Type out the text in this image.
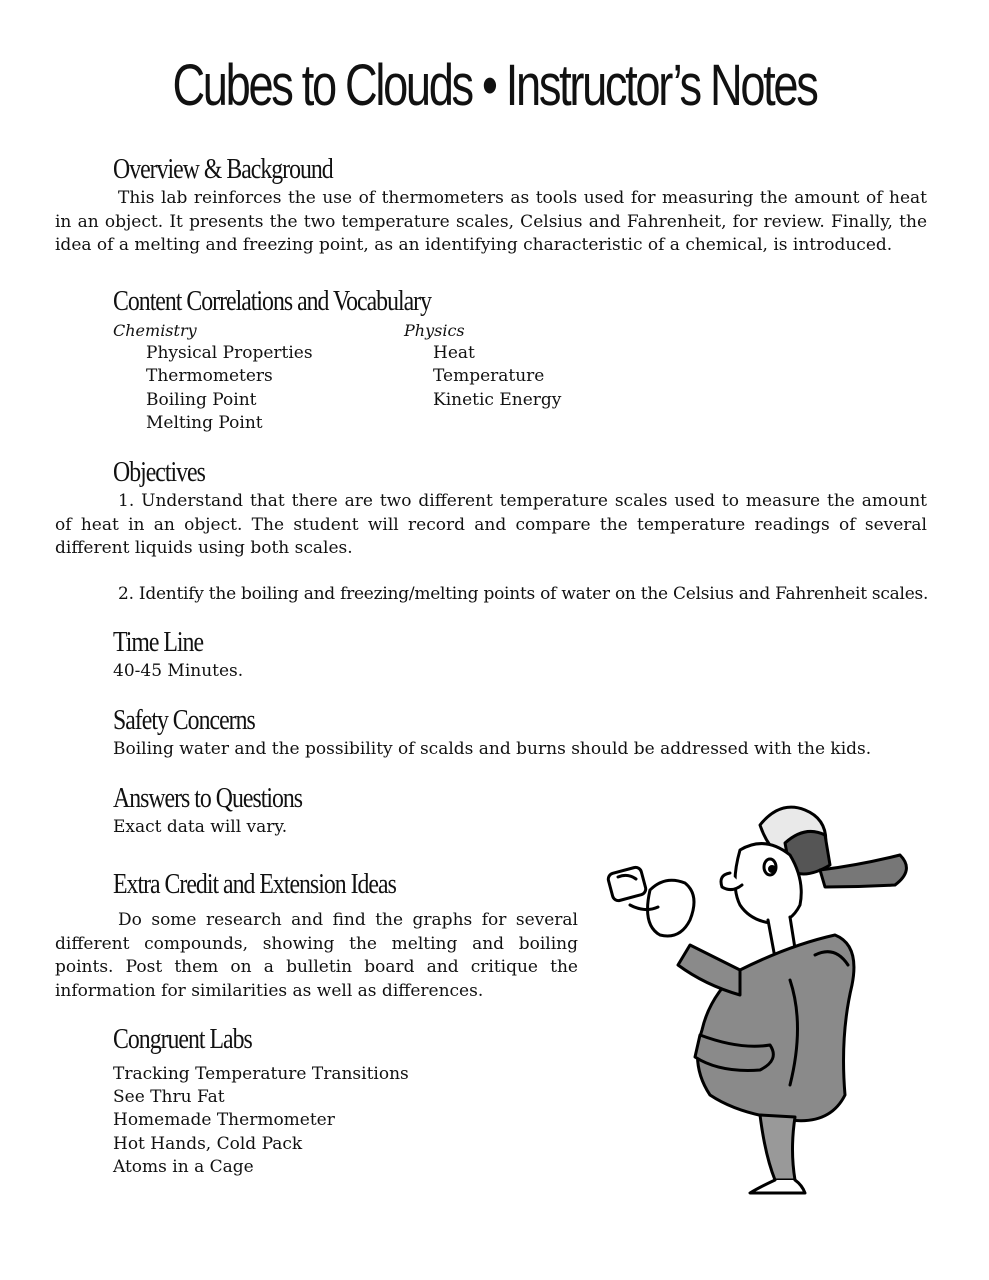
Cubes to Clouds • Instructor’s Notes
Overview & Background
This lab reinforces the use of thermometers as tools used for measuring the amount of heat in an object. It presents the two temperature scales, Celsius and Fahrenheit, for review. Finally, the idea of a melting and freezing point, as an identifying characteristic of a chemical, is introduced.
Content Correlations and Vocabulary
Chemistry	Physics
Physical Properties
Thermometers
Boiling Point
Melting Point
Heat
Temperature
Kinetic Energy
Objectives
1. Understand that there are two different temperature scales used to measure the amount of heat in an object. The student will record and compare the temperature readings of several different liquids using both scales.
2. Identify the boiling and freezing/melting points of water on the Celsius and Fahrenheit scales.
Time Line
40-45 Minutes.
Safety Concerns
Boiling water and the possibility of scalds and burns should be addressed with the kids.
Answers to Questions
Exact data will vary.
Extra Credit and Extension Ideas
Do some research and find the graphs for several different compounds, showing the melting and boiling points. Post them on a bulletin board and critique the information for similarities as well as differences.
Congruent Labs
Tracking Temperature Transitions
See Thru Fat
Homemade Thermometer
Hot Hands, Cold Pack
Atoms in a Cage
